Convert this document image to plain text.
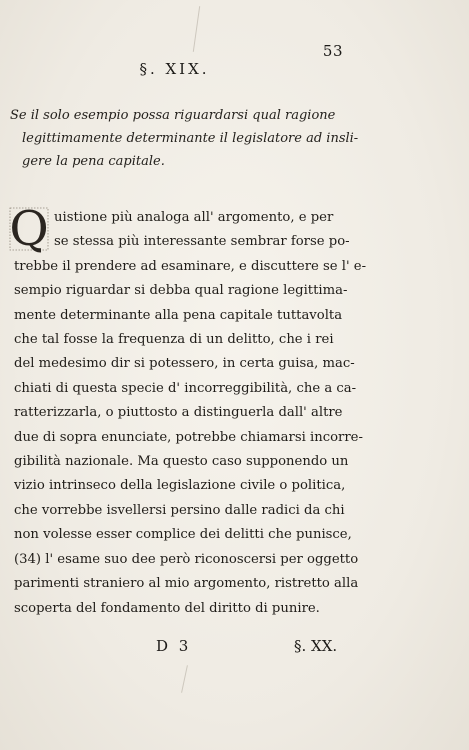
53
§. XIX.
Se il solo esempio possa riguardarsi qual ragione
legittimamente determinante il legislatore ad insli-
gere la pena capitale.
Q uistione più analoga all' argomento, e per
se stessa più interessante sembrar forse po-
trebbe il prendere ad esaminare, e discuttere se l' e-
sempio riguardar si debba qual ragione legittima-
mente determinante alla pena capitale tuttavolta
che tal fosse la frequenza di un delitto, che i rei
del medesimo dir si potessero, in certa guisa, mac-
chiati di questa specie d' incorreggibilità, che a ca-
ratterizzarla, o piuttosto a distinguerla dall' altre
due di sopra enunciate, potrebbe chiamarsi incorre-
gibilità nazionale. Ma questo caso supponendo un
vizio intrinseco della legislazione civile o politica,
che vorrebbe isvellersi persino dalle radici da chi
non volesse esser complice dei delitti che punisce,
(34) l' esame suo dee però riconoscersi per oggetto
parimenti straniero al mio argomento, ristretto alla
scoperta del fondamento del diritto di punire.
D 3	§. XX.
